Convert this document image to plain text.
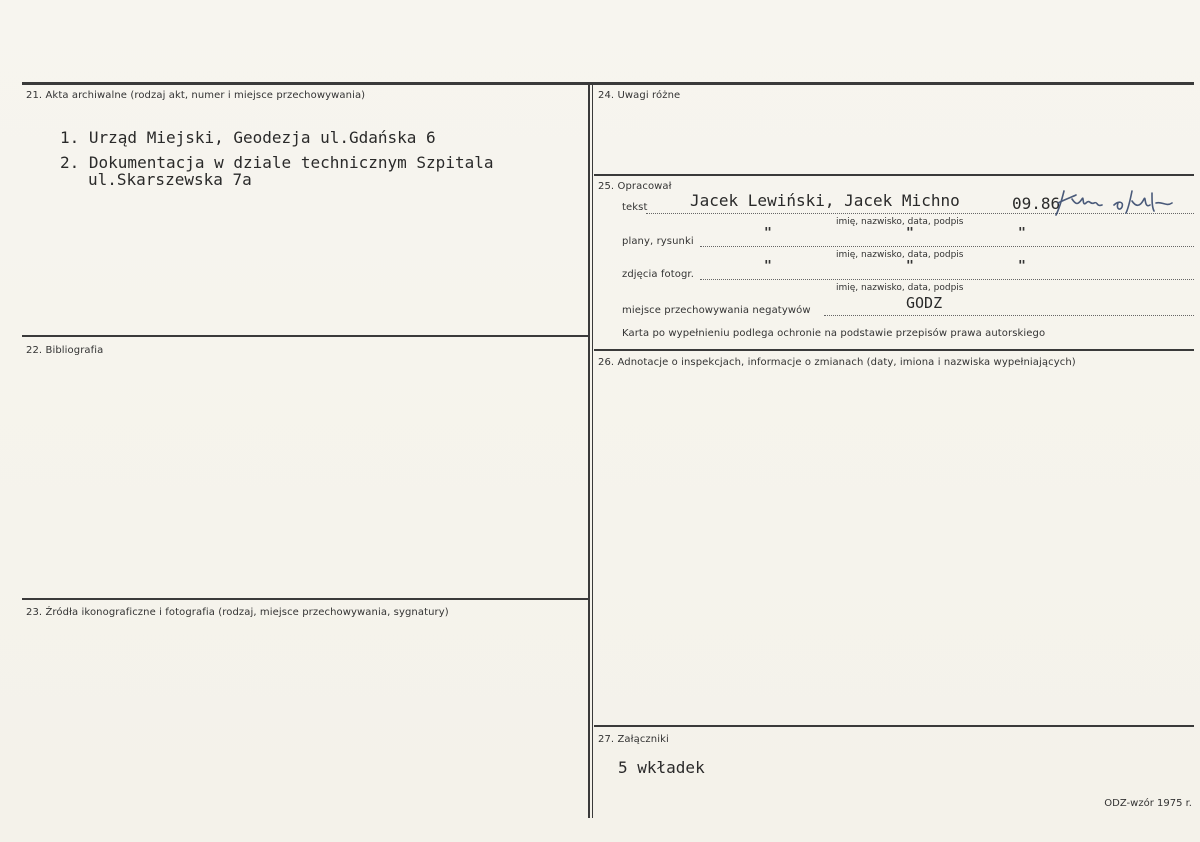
21. Akta archiwalne (rodzaj akt, numer i miejsce przechowywania)
1. Urząd Miejski, Geodezja ul.Gdańska 6
2. Dokumentacja w dziale technicznym Szpitala
ul.Skarszewska 7a
22. Bibliografia
23. Źródła ikonograficzne i fotografia (rodzaj, miejsce przechowywania, sygnatury)
24. Uwagi różne
25. Opracował
tekst	Jacek Lewiński, Jacek Michno	09.86
imię, nazwisko, data, podpis
plany, rysunki
"	"	"
imię, nazwisko, data, podpis
zdjęcia fotogr.
"	"	"
imię, nazwisko, data, podpis
miejsce przechowywania negatywów	GODZ
Karta po wypełnieniu podlega ochronie na podstawie przepisów prawa autorskiego
26. Adnotacje o inspekcjach, informacje o zmianach (daty, imiona i nazwiska wypełniających)
27. Załączniki
5 wkładek
ODZ-wzór 1975 r.
